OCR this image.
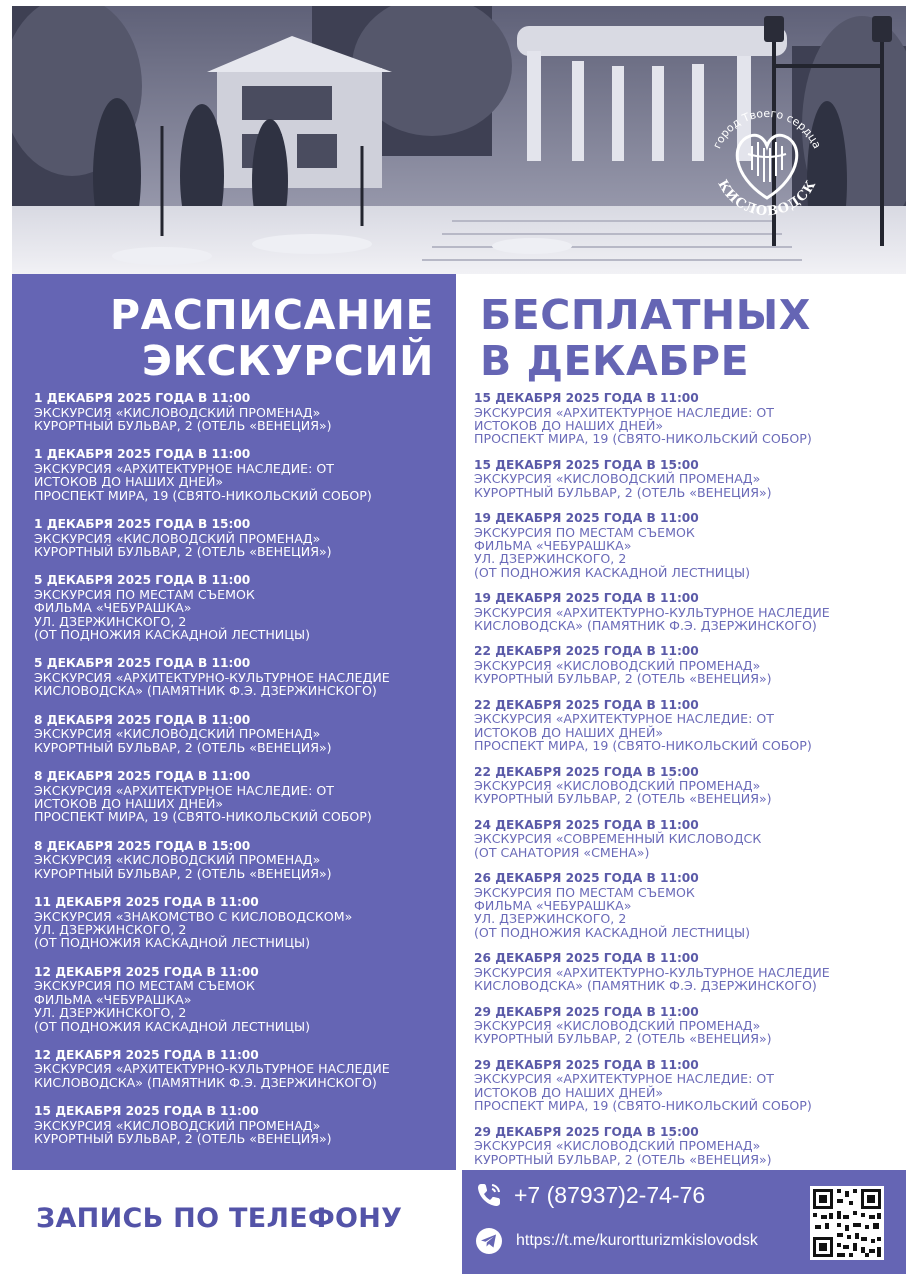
город Твоего сердца
КИСЛОВОДСК
РАСПИСАНИЕ
ЭКСКУРСИЙ
1 ДЕКАБРЯ 2025 ГОДА В 11:00
ЭКСКУРСИЯ «КИСЛОВОДСКИЙ ПРОМЕНАД»
КУРОРТНЫЙ БУЛЬВАР, 2 (ОТЕЛЬ «ВЕНЕЦИЯ»)
1 ДЕКАБРЯ 2025 ГОДА В 11:00
ЭКСКУРСИЯ «АРХИТЕКТУРНОЕ НАСЛЕДИЕ: ОТ
ИСТОКОВ ДО НАШИХ ДНЕЙ»
ПРОСПЕКТ МИРА, 19 (СВЯТО-НИКОЛЬСКИЙ СОБОР)
1 ДЕКАБРЯ 2025 ГОДА В 15:00
ЭКСКУРСИЯ «КИСЛОВОДСКИЙ ПРОМЕНАД»
КУРОРТНЫЙ БУЛЬВАР, 2 (ОТЕЛЬ «ВЕНЕЦИЯ»)
5 ДЕКАБРЯ 2025 ГОДА В 11:00
ЭКСКУРСИЯ ПО МЕСТАМ СЪЕМОК
ФИЛЬМА «ЧЕБУРАШКА»
УЛ. ДЗЕРЖИНСКОГО, 2
(ОТ ПОДНОЖИЯ КАСКАДНОЙ ЛЕСТНИЦЫ)
5 ДЕКАБРЯ 2025 ГОДА В 11:00
ЭКСКУРСИЯ «АРХИТЕКТУРНО-КУЛЬТУРНОЕ НАСЛЕДИЕ
КИСЛОВОДСКА» (ПАМЯТНИК Ф.Э. ДЗЕРЖИНСКОГО)
8 ДЕКАБРЯ 2025 ГОДА В 11:00
ЭКСКУРСИЯ «КИСЛОВОДСКИЙ ПРОМЕНАД»
КУРОРТНЫЙ БУЛЬВАР, 2 (ОТЕЛЬ «ВЕНЕЦИЯ»)
8 ДЕКАБРЯ 2025 ГОДА В 11:00
ЭКСКУРСИЯ «АРХИТЕКТУРНОЕ НАСЛЕДИЕ: ОТ
ИСТОКОВ ДО НАШИХ ДНЕЙ»
ПРОСПЕКТ МИРА, 19 (СВЯТО-НИКОЛЬСКИЙ СОБОР)
8 ДЕКАБРЯ 2025 ГОДА В 15:00
ЭКСКУРСИЯ «КИСЛОВОДСКИЙ ПРОМЕНАД»
КУРОРТНЫЙ БУЛЬВАР, 2 (ОТЕЛЬ «ВЕНЕЦИЯ»)
11 ДЕКАБРЯ 2025 ГОДА В 11:00
ЭКСКУРСИЯ «ЗНАКОМСТВО С КИСЛОВОДСКОМ»
УЛ. ДЗЕРЖИНСКОГО, 2
(ОТ ПОДНОЖИЯ КАСКАДНОЙ ЛЕСТНИЦЫ)
12 ДЕКАБРЯ 2025 ГОДА В 11:00
ЭКСКУРСИЯ ПО МЕСТАМ СЪЕМОК
ФИЛЬМА «ЧЕБУРАШКА»
УЛ. ДЗЕРЖИНСКОГО, 2
(ОТ ПОДНОЖИЯ КАСКАДНОЙ ЛЕСТНИЦЫ)
12 ДЕКАБРЯ 2025 ГОДА В 11:00
ЭКСКУРСИЯ «АРХИТЕКТУРНО-КУЛЬТУРНОЕ НАСЛЕДИЕ
КИСЛОВОДСКА» (ПАМЯТНИК Ф.Э. ДЗЕРЖИНСКОГО)
15 ДЕКАБРЯ 2025 ГОДА В 11:00
ЭКСКУРСИЯ «КИСЛОВОДСКИЙ ПРОМЕНАД»
КУРОРТНЫЙ БУЛЬВАР, 2 (ОТЕЛЬ «ВЕНЕЦИЯ»)
БЕСПЛАТНЫХ
В ДЕКАБРЕ
15 ДЕКАБРЯ 2025 ГОДА В 11:00
ЭКСКУРСИЯ «АРХИТЕКТУРНОЕ НАСЛЕДИЕ: ОТ
ИСТОКОВ ДО НАШИХ ДНЕЙ»
ПРОСПЕКТ МИРА, 19 (СВЯТО-НИКОЛЬСКИЙ СОБОР)
15 ДЕКАБРЯ 2025 ГОДА В 15:00
ЭКСКУРСИЯ «КИСЛОВОДСКИЙ ПРОМЕНАД»
КУРОРТНЫЙ БУЛЬВАР, 2 (ОТЕЛЬ «ВЕНЕЦИЯ»)
19 ДЕКАБРЯ 2025 ГОДА В 11:00
ЭКСКУРСИЯ ПО МЕСТАМ СЪЕМОК
ФИЛЬМА «ЧЕБУРАШКА»
УЛ. ДЗЕРЖИНСКОГО, 2
(ОТ ПОДНОЖИЯ КАСКАДНОЙ ЛЕСТНИЦЫ)
19 ДЕКАБРЯ 2025 ГОДА В 11:00
ЭКСКУРСИЯ «АРХИТЕКТУРНО-КУЛЬТУРНОЕ НАСЛЕДИЕ
КИСЛОВОДСКА» (ПАМЯТНИК Ф.Э. ДЗЕРЖИНСКОГО)
22 ДЕКАБРЯ 2025 ГОДА В 11:00
ЭКСКУРСИЯ «КИСЛОВОДСКИЙ ПРОМЕНАД»
КУРОРТНЫЙ БУЛЬВАР, 2 (ОТЕЛЬ «ВЕНЕЦИЯ»)
22 ДЕКАБРЯ 2025 ГОДА В 11:00
ЭКСКУРСИЯ «АРХИТЕКТУРНОЕ НАСЛЕДИЕ: ОТ
ИСТОКОВ ДО НАШИХ ДНЕЙ»
ПРОСПЕКТ МИРА, 19 (СВЯТО-НИКОЛЬСКИЙ СОБОР)
22 ДЕКАБРЯ 2025 ГОДА В 15:00
ЭКСКУРСИЯ «КИСЛОВОДСКИЙ ПРОМЕНАД»
КУРОРТНЫЙ БУЛЬВАР, 2 (ОТЕЛЬ «ВЕНЕЦИЯ»)
24 ДЕКАБРЯ 2025 ГОДА В 11:00
ЭКСКУРСИЯ «СОВРЕМЕННЫЙ КИСЛОВОДСК
(ОТ САНАТОРИЯ «СМЕНА»)
26 ДЕКАБРЯ 2025 ГОДА В 11:00
ЭКСКУРСИЯ ПО МЕСТАМ СЪЕМОК
ФИЛЬМА «ЧЕБУРАШКА»
УЛ. ДЗЕРЖИНСКОГО, 2
(ОТ ПОДНОЖИЯ КАСКАДНОЙ ЛЕСТНИЦЫ)
26 ДЕКАБРЯ 2025 ГОДА В 11:00
ЭКСКУРСИЯ «АРХИТЕКТУРНО-КУЛЬТУРНОЕ НАСЛЕДИЕ
КИСЛОВОДСКА» (ПАМЯТНИК Ф.Э. ДЗЕРЖИНСКОГО)
29 ДЕКАБРЯ 2025 ГОДА В 11:00
ЭКСКУРСИЯ «КИСЛОВОДСКИЙ ПРОМЕНАД»
КУРОРТНЫЙ БУЛЬВАР, 2 (ОТЕЛЬ «ВЕНЕЦИЯ»)
29 ДЕКАБРЯ 2025 ГОДА В 11:00
ЭКСКУРСИЯ «АРХИТЕКТУРНОЕ НАСЛЕДИЕ: ОТ
ИСТОКОВ ДО НАШИХ ДНЕЙ»
ПРОСПЕКТ МИРА, 19 (СВЯТО-НИКОЛЬСКИЙ СОБОР)
29 ДЕКАБРЯ 2025 ГОДА В 15:00
ЭКСКУРСИЯ «КИСЛОВОДСКИЙ ПРОМЕНАД»
КУРОРТНЫЙ БУЛЬВАР, 2 (ОТЕЛЬ «ВЕНЕЦИЯ»)
ЗАПИСЬ ПО ТЕЛЕФОНУ
+7 (87937)2-74-76
https://t.me/kurortturizmkislovodsk
